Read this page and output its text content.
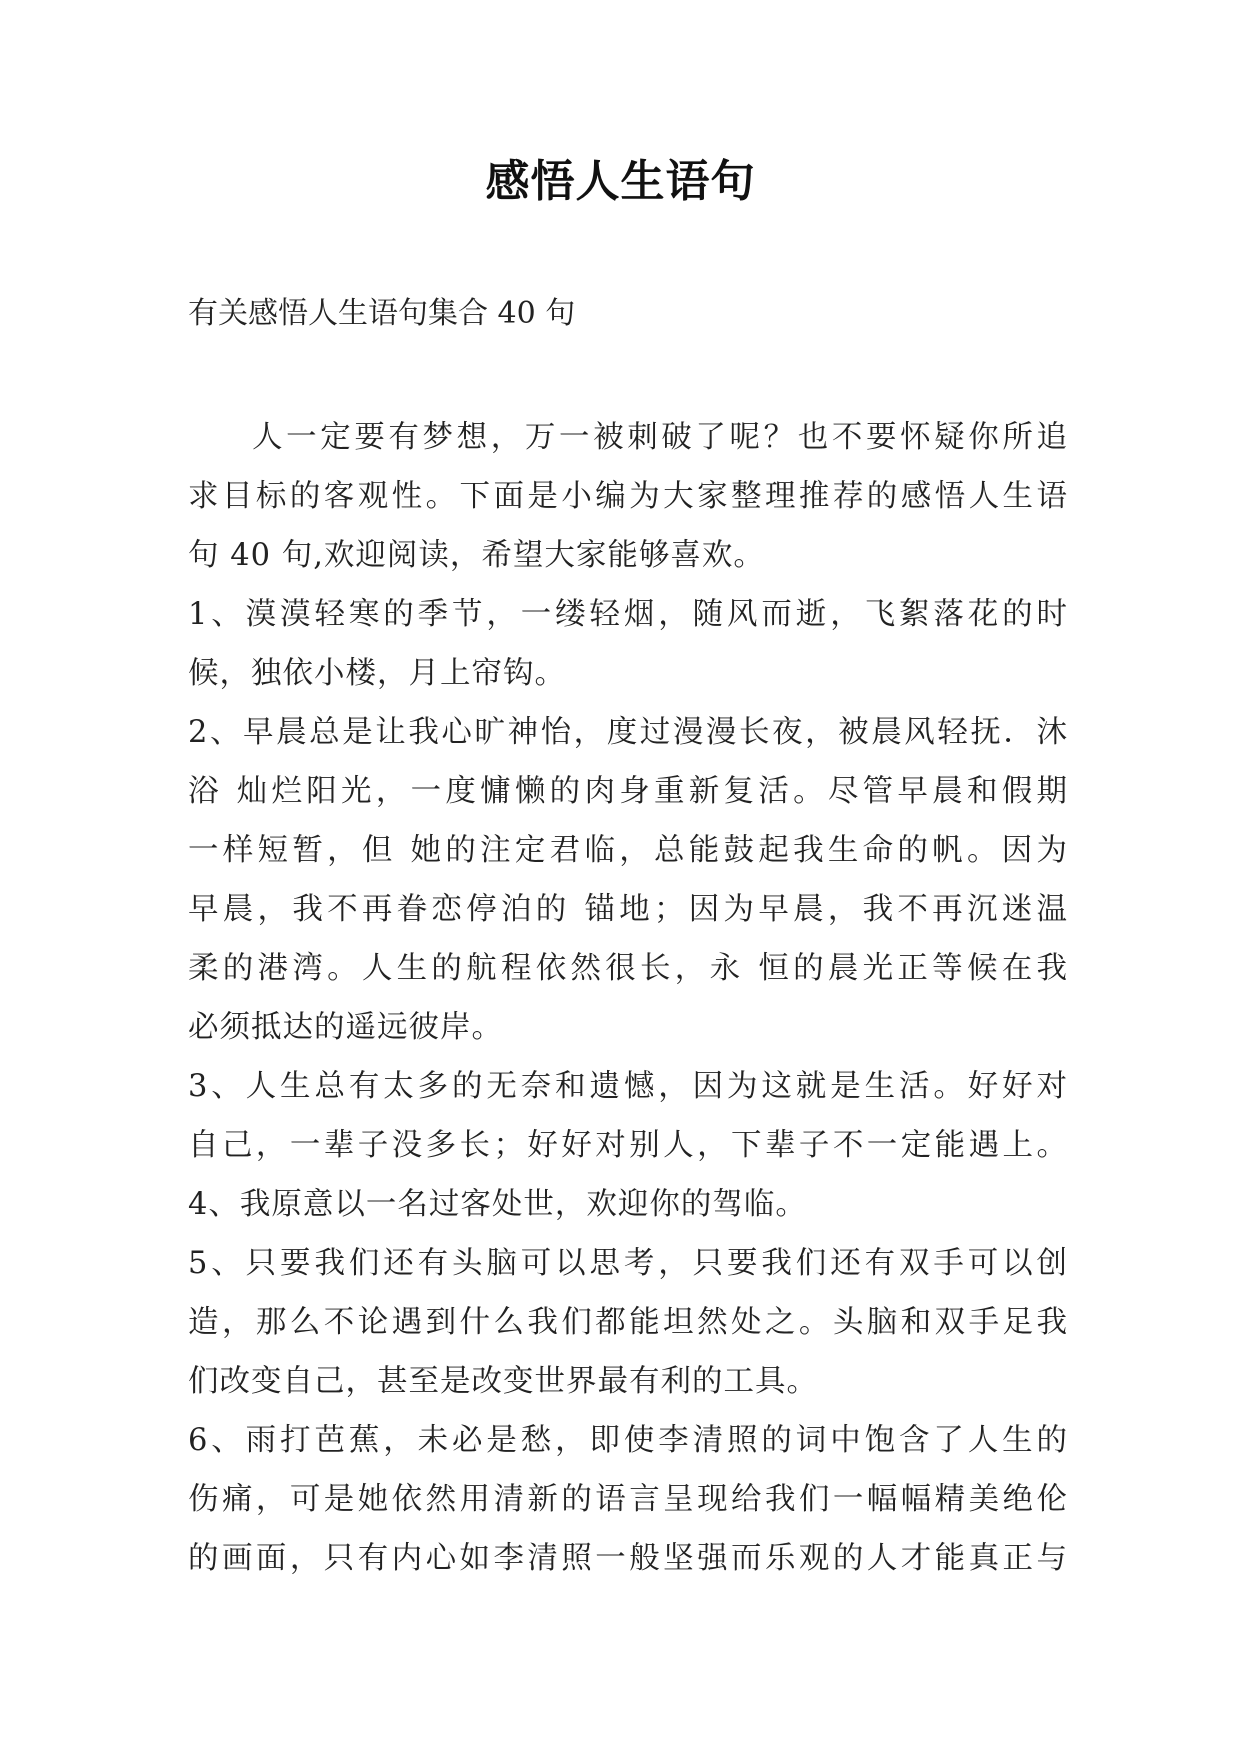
感悟人生语句

有关感悟人生语句集合 40 句

人一定要有梦想，万一被刺破了呢？也不要怀疑你所追
求目标的客观性。下面是小编为大家整理推荐的感悟人生语
句 40 句,欢迎阅读，希望大家能够喜欢。
1、漠漠轻寒的季节，一缕轻烟，随风而逝，飞絮落花的时
候，独依小楼，月上帘钩。
2、早晨总是让我心旷神怡，度过漫漫长夜，被晨风轻抚．沐
浴 灿烂阳光，一度慵懒的肉身重新复活。尽管早晨和假期
一样短暂，但 她的注定君临，总能鼓起我生命的帆。因为
早晨，我不再眷恋停泊的 锚地；因为早晨，我不再沉迷温
柔的港湾。人生的航程依然很长，永 恒的晨光正等候在我
必须抵达的遥远彼岸。
3、人生总有太多的无奈和遗憾，因为这就是生活。好好对
自己，一辈子没多长；好好对别人，下辈子不一定能遇上。
4、我原意以一名过客处世，欢迎你的驾临。
5、只要我们还有头脑可以思考，只要我们还有双手可以创
造，那么不论遇到什么我们都能坦然处之。头脑和双手足我
们改变自己，甚至是改变世界最有利的工具。
6、雨打芭蕉，未必是愁，即使李清照的词中饱含了人生的
伤痛，可是她依然用清新的语言呈现给我们一幅幅精美绝伦
的画面，只有内心如李清照一般坚强而乐观的人才能真正与
